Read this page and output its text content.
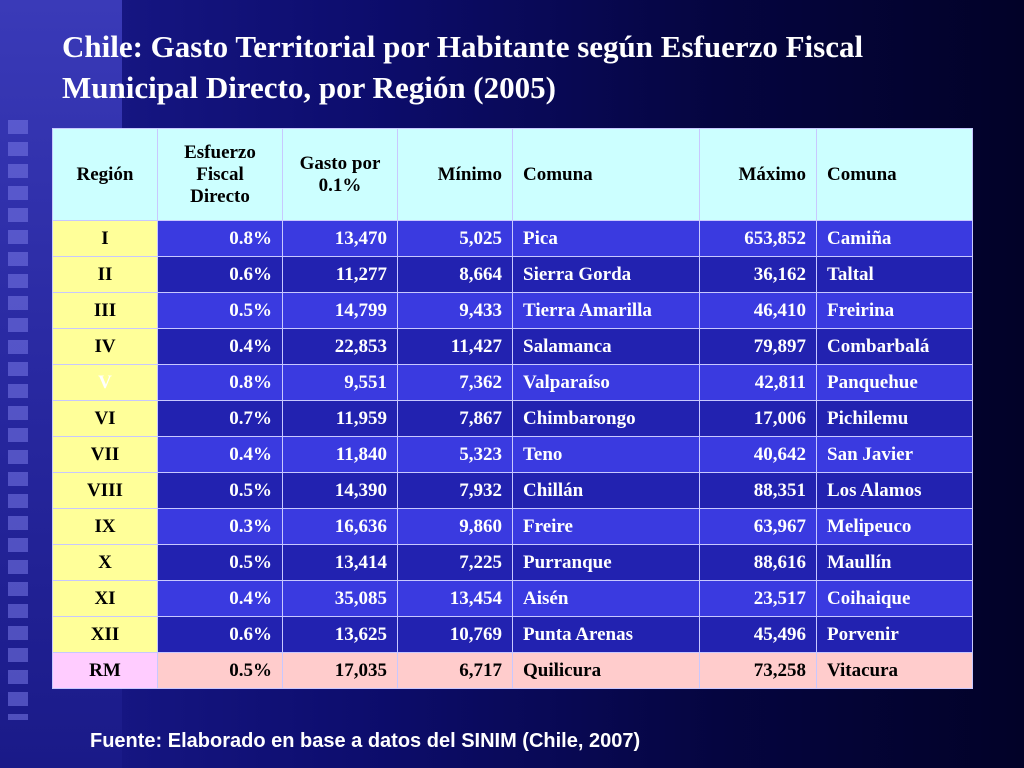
Chile: Gasto Territorial por Habitante según Esfuerzo Fiscal Municipal Directo, por Región (2005)
Región	Esfuerzo Fiscal Directo	Gasto por 0.1%	Mínimo	Comuna	Máximo	Comuna
I	0.8%	13,470	5,025	Pica	653,852	Camiña
II	0.6%	11,277	8,664	Sierra Gorda	36,162	Taltal
III	0.5%	14,799	9,433	Tierra Amarilla	46,410	Freirina
IV	0.4%	22,853	11,427	Salamanca	79,897	Combarbalá
V	0.8%	9,551	7,362	Valparaíso	42,811	Panquehue
VI	0.7%	11,959	7,867	Chimbarongo	17,006	Pichilemu
VII	0.4%	11,840	5,323	Teno	40,642	San Javier
VIII	0.5%	14,390	7,932	Chillán	88,351	Los Alamos
IX	0.3%	16,636	9,860	Freire	63,967	Melipeuco
X	0.5%	13,414	7,225	Purranque	88,616	Maullín
XI	0.4%	35,085	13,454	Aisén	23,517	Coihaique
XII	0.6%	13,625	10,769	Punta Arenas	45,496	Porvenir
RM	0.5%	17,035	6,717	Quilicura	73,258	Vitacura
Fuente: Elaborado en base a datos del SINIM (Chile, 2007)
